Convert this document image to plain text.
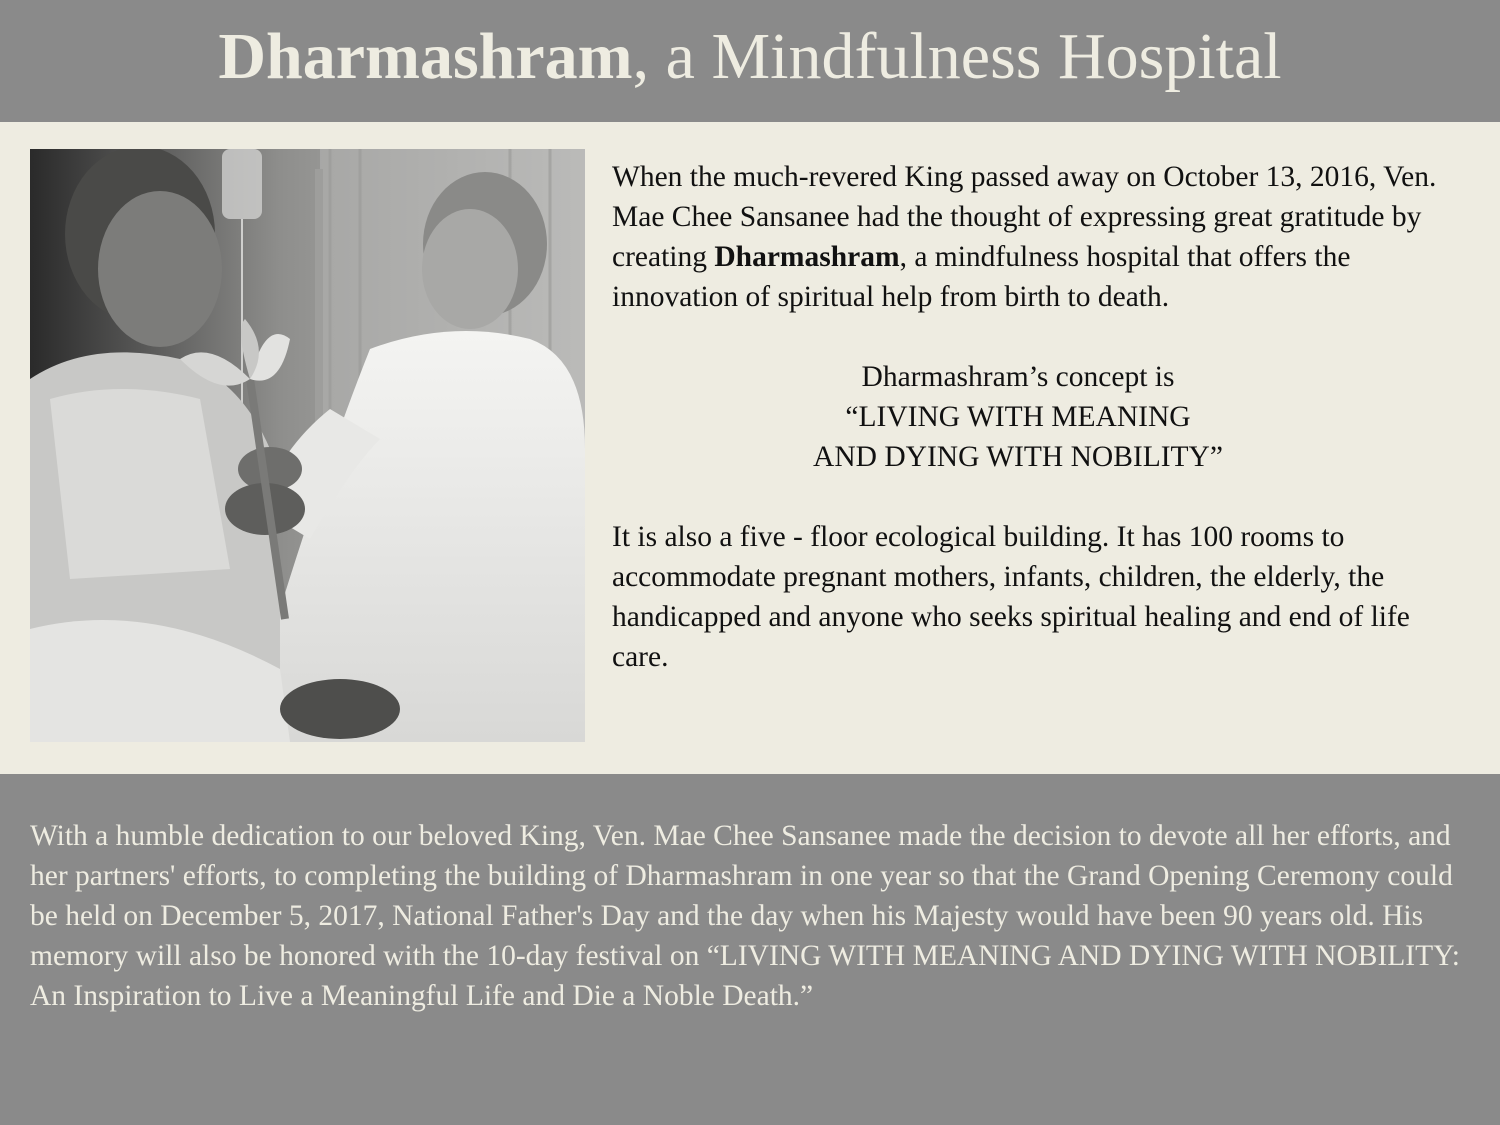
Dharmashram, a Mindfulness Hospital

When the much-revered King passed away on October 13, 2016, Ven. Mae Chee Sansanee had the thought of expressing great gratitude by creating Dharmashram, a mindfulness hospital that offers the innovation of spiritual help from birth to death.

Dharmashram’s concept is
“LIVING WITH MEANING
AND DYING WITH NOBILITY”

It is also a five - floor ecological building. It has 100 rooms to accommodate pregnant mothers, infants, children, the elderly, the handicapped and anyone who seeks spiritual healing and end of life care.

With a humble dedication to our beloved King, Ven. Mae Chee Sansanee made the decision to devote all her efforts, and her partners' efforts, to completing the building of Dharmashram in one year so that the Grand Opening Ceremony could be held on December 5, 2017, National Father's Day and the day when his Majesty would have been 90 years old. His memory will also be honored with the 10-day festival on “LIVING WITH MEANING AND DYING WITH NOBILITY: An Inspiration to Live a Meaningful Life and Die a Noble Death.”
